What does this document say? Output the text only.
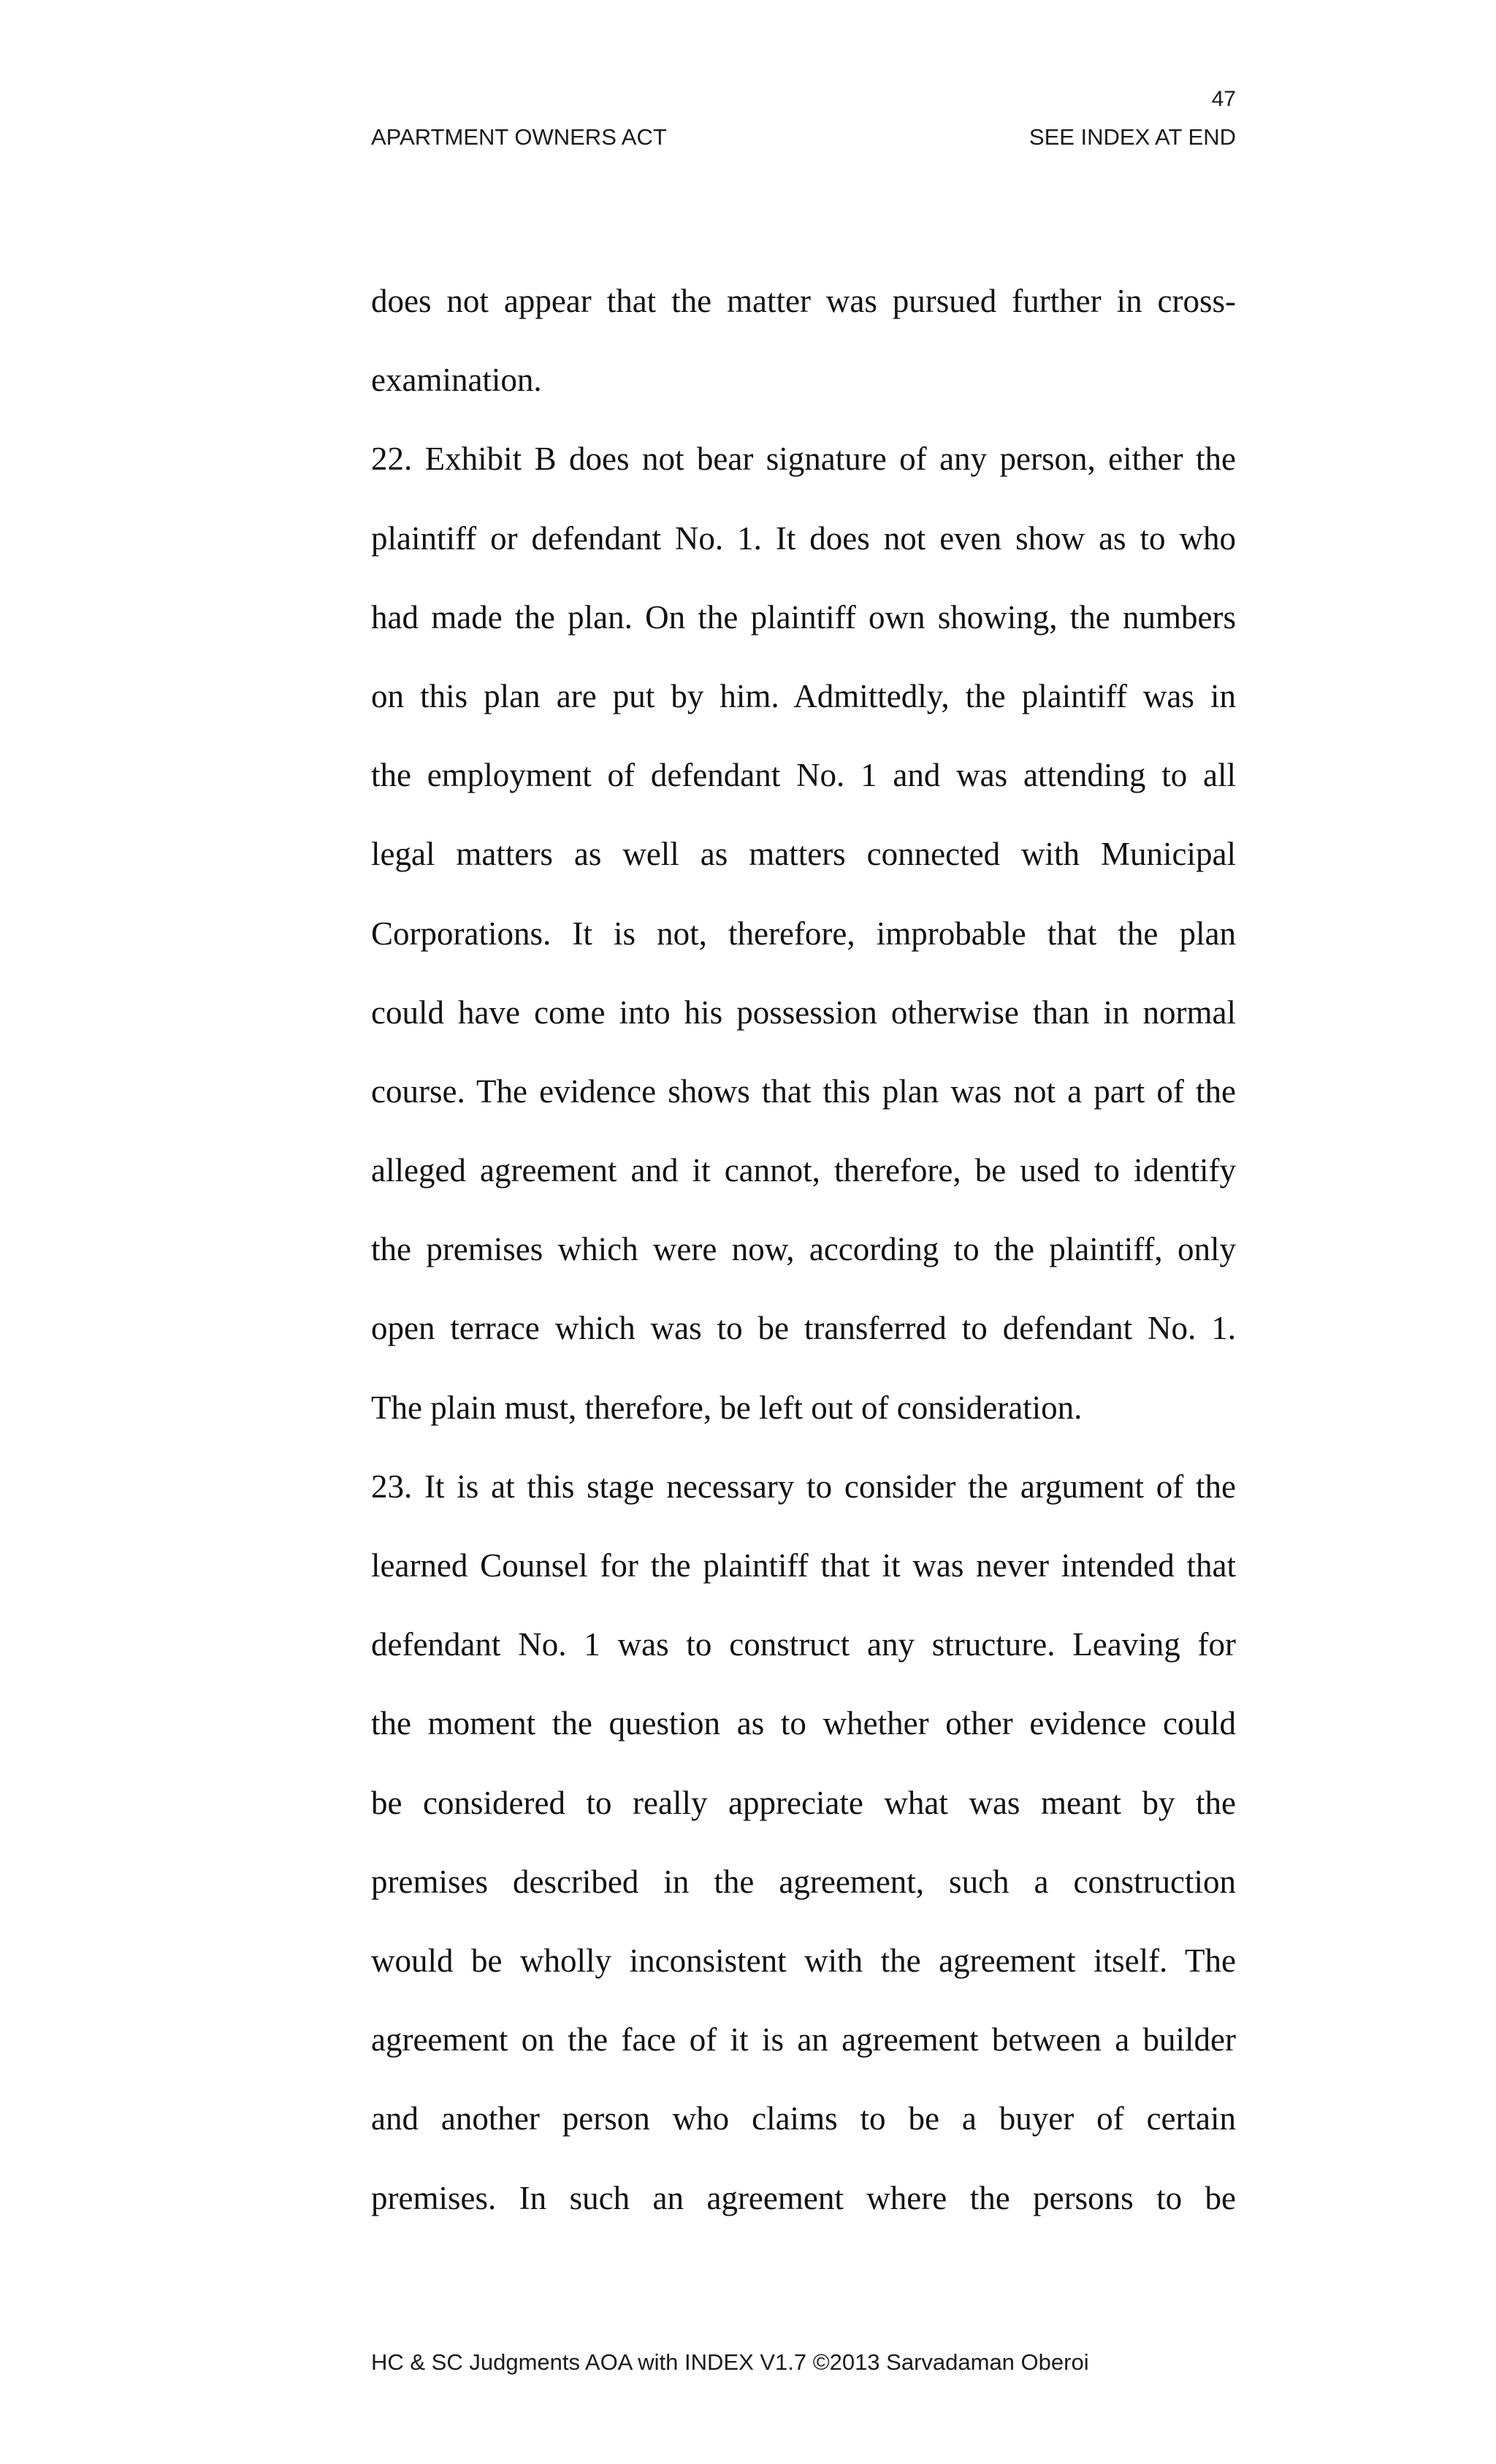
47
APARTMENT OWNERS ACT	SEE INDEX AT END
does not appear that the matter was pursued further in cross-
examination.
22. Exhibit B does not bear signature of any person, either the
plaintiff or defendant No. 1. It does not even show as to who
had made the plan. On the plaintiff own showing, the numbers
on this plan are put by him. Admittedly, the plaintiff was in
the employment of defendant No. 1 and was attending to all
legal matters as well as matters connected with Municipal
Corporations. It is not, therefore, improbable that the plan
could have come into his possession otherwise than in normal
course. The evidence shows that this plan was not a part of the
alleged agreement and it cannot, therefore, be used to identify
the premises which were now, according to the plaintiff, only
open terrace which was to be transferred to defendant No. 1.
The plain must, therefore, be left out of consideration.
23. It is at this stage necessary to consider the argument of the
learned Counsel for the plaintiff that it was never intended that
defendant No. 1 was to construct any structure. Leaving for
the moment the question as to whether other evidence could
be considered to really appreciate what was meant by the
premises described in the agreement, such a construction
would be wholly inconsistent with the agreement itself. The
agreement on the face of it is an agreement between a builder
and another person who claims to be a buyer of certain
premises. In such an agreement where the persons to be
HC & SC Judgments AOA with INDEX V1.7 ©2013 Sarvadaman Oberoi
